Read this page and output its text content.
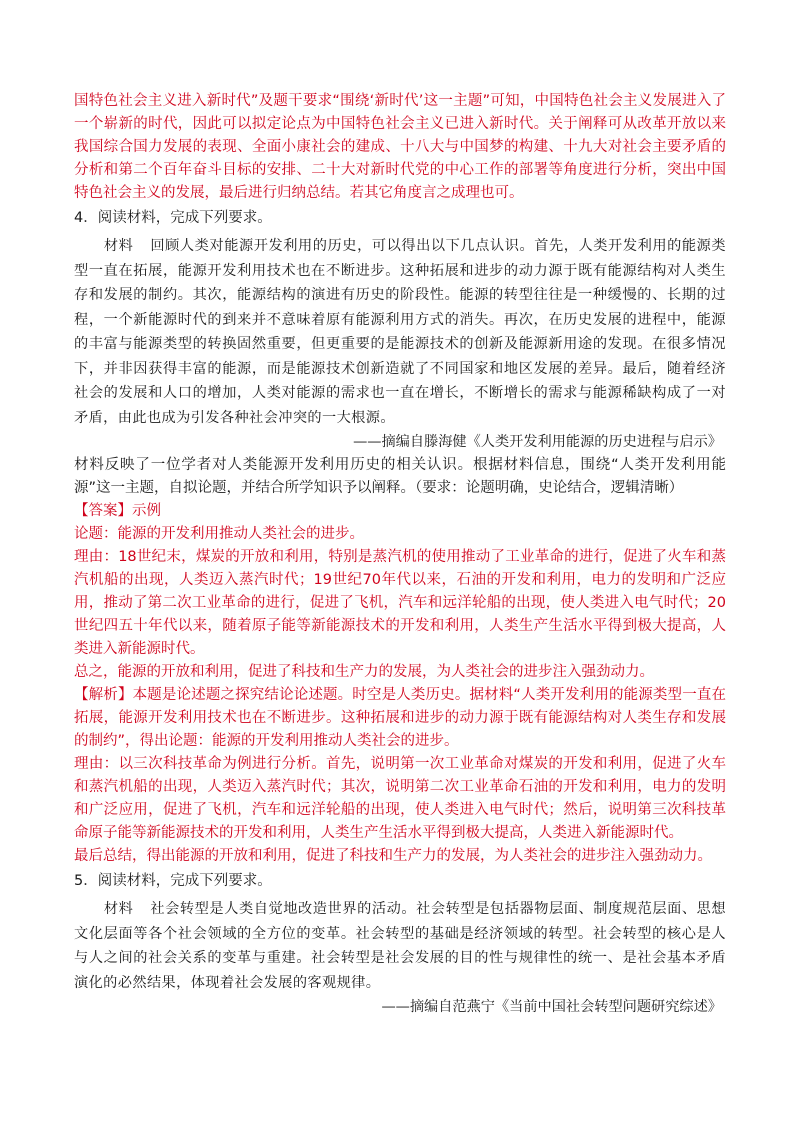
国特色社会主义进入新时代”及题干要求“围绕‘新时代’这一主题”可知，中国特色社会主义发展进入了一个崭新的时代，因此可以拟定论点为中国特色社会主义已进入新时代。关于阐释可从改革开放以来我国综合国力发展的表现、全面小康社会的建成、十八大与中国梦的构建、十九大对社会主要矛盾的分析和第二个百年奋斗目标的安排、二十大对新时代党的中心工作的部署等角度进行分析，突出中国特色社会主义的发展，最后进行归纳总结。若其它角度言之成理也可。

4．阅读材料，完成下列要求。

材料 回顾人类对能源开发利用的历史，可以得出以下几点认识。首先，人类开发利用的能源类型一直在拓展，能源开发利用技术也在不断进步。这种拓展和进步的动力源于既有能源结构对人类生存和发展的制约。其次，能源结构的演进有历史的阶段性。能源的转型往往是一种缓慢的、长期的过程，一个新能源时代的到来并不意味着原有能源利用方式的消失。再次，在历史发展的进程中，能源的丰富与能源类型的转换固然重要，但更重要的是能源技术的创新及能源新用途的发现。在很多情况下，并非因获得丰富的能源，而是能源技术创新造就了不同国家和地区发展的差异。最后，随着经济社会的发展和人口的增加，人类对能源的需求也一直在增长，不断增长的需求与能源稀缺构成了一对矛盾，由此也成为引发各种社会冲突的一大根源。

——摘编自滕海健《人类开发利用能源的历史进程与启示》

材料反映了一位学者对人类能源开发利用历史的相关认识。根据材料信息，围绕“人类开发利用能源”这一主题，自拟论题，并结合所学知识予以阐释。（要求：论题明确，史论结合，逻辑清晰）

【答案】示例

论题：能源的开发利用推动人类社会的进步。

理由：18世纪末，煤炭的开放和利用，特别是蒸汽机的使用推动了工业革命的进行，促进了火车和蒸汽机船的出现，人类迈入蒸汽时代；19世纪70年代以来，石油的开发和利用，电力的发明和广泛应用，推动了第二次工业革命的进行，促进了飞机，汽车和远洋轮船的出现，使人类进入电气时代；20世纪四五十年代以来，随着原子能等新能源技术的开发和利用，人类生产生活水平得到极大提高，人类进入新能源时代。

总之，能源的开放和利用，促进了科技和生产力的发展，为人类社会的进步注入强劲动力。

【解析】本题是论述题之探究结论论述题。时空是人类历史。据材料“人类开发利用的能源类型一直在拓展，能源开发利用技术也在不断进步。这种拓展和进步的动力源于既有能源结构对人类生存和发展的制约”，得出论题：能源的开发利用推动人类社会的进步。

理由：以三次科技革命为例进行分析。首先，说明第一次工业革命对煤炭的开发和利用，促进了火车和蒸汽机船的出现，人类迈入蒸汽时代；其次，说明第二次工业革命石油的开发和利用，电力的发明和广泛应用，促进了飞机，汽车和远洋轮船的出现，使人类进入电气时代；然后，说明第三次科技革命原子能等新能源技术的开发和利用，人类生产生活水平得到极大提高，人类进入新能源时代。

最后总结，得出能源的开放和利用，促进了科技和生产力的发展，为人类社会的进步注入强劲动力。

5．阅读材料，完成下列要求。

材料 社会转型是人类自觉地改造世界的活动。社会转型是包括器物层面、制度规范层面、思想文化层面等各个社会领域的全方位的变革。社会转型的基础是经济领域的转型。社会转型的核心是人与人之间的社会关系的变革与重建。社会转型是社会发展的目的性与规律性的统一、是社会基本矛盾演化的必然结果，体现着社会发展的客观规律。

——摘编自范燕宁《当前中国社会转型问题研究综述》
